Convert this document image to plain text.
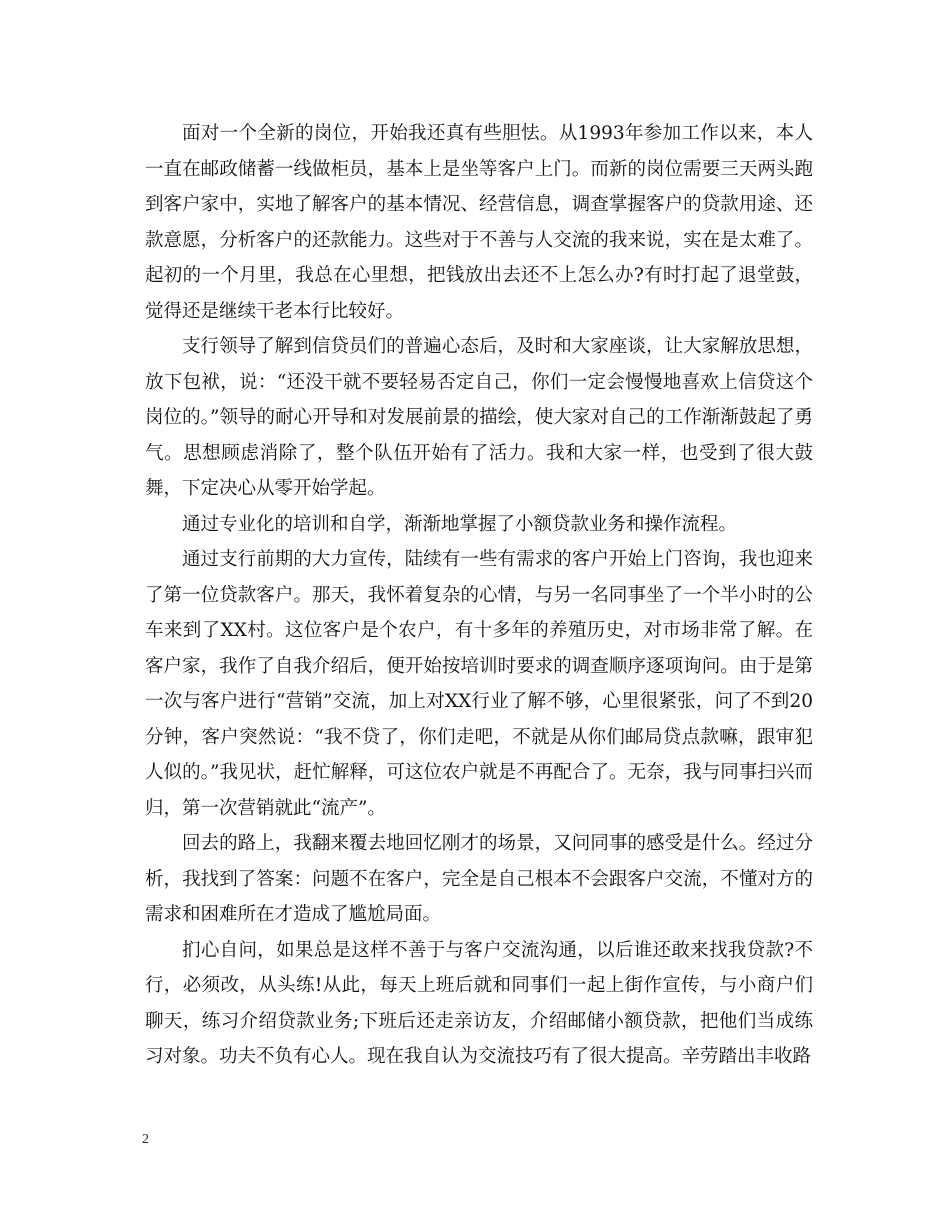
面对一个全新的岗位，开始我还真有些胆怯。从1993年参加工作以来，本人一直在邮政储蓄一线做柜员，基本上是坐等客户上门。而新的岗位需要三天两头跑到客户家中，实地了解客户的基本情况、经营信息，调查掌握客户的贷款用途、还款意愿，分析客户的还款能力。这些对于不善与人交流的我来说，实在是太难了。起初的一个月里，我总在心里想，把钱放出去还不上怎么办?有时打起了退堂鼓，觉得还是继续干老本行比较好。

支行领导了解到信贷员们的普遍心态后，及时和大家座谈，让大家解放思想，放下包袱，说：“还没干就不要轻易否定自己，你们一定会慢慢地喜欢上信贷这个岗位的。”领导的耐心开导和对发展前景的描绘，使大家对自己的工作渐渐鼓起了勇气。思想顾虑消除了，整个队伍开始有了活力。我和大家一样，也受到了很大鼓舞，下定决心从零开始学起。

通过专业化的培训和自学，渐渐地掌握了小额贷款业务和操作流程。

通过支行前期的大力宣传，陆续有一些有需求的客户开始上门咨询，我也迎来了第一位贷款客户。那天，我怀着复杂的心情，与另一名同事坐了一个半小时的公车来到了XX村。这位客户是个农户，有十多年的养殖历史，对市场非常了解。在客户家，我作了自我介绍后，便开始按培训时要求的调查顺序逐项询问。由于是第一次与客户进行“营销”交流，加上对XX行业了解不够，心里很紧张，问了不到20分钟，客户突然说：“我不贷了，你们走吧，不就是从你们邮局贷点款嘛，跟审犯人似的。”我见状，赶忙解释，可这位农户就是不再配合了。无奈，我与同事扫兴而归，第一次营销就此“流产”。

回去的路上，我翻来覆去地回忆刚才的场景，又问同事的感受是什么。经过分析，我找到了答案：问题不在客户，完全是自己根本不会跟客户交流，不懂对方的需求和困难所在才造成了尴尬局面。

扪心自问，如果总是这样不善于与客户交流沟通，以后谁还敢来找我贷款?不行，必须改，从头练!从此，每天上班后就和同事们一起上街作宣传，与小商户们聊天，练习介绍贷款业务;下班后还走亲访友，介绍邮储小额贷款，把他们当成练习对象。功夫不负有心人。现在我自认为交流技巧有了很大提高。辛劳踏出丰收路

2
